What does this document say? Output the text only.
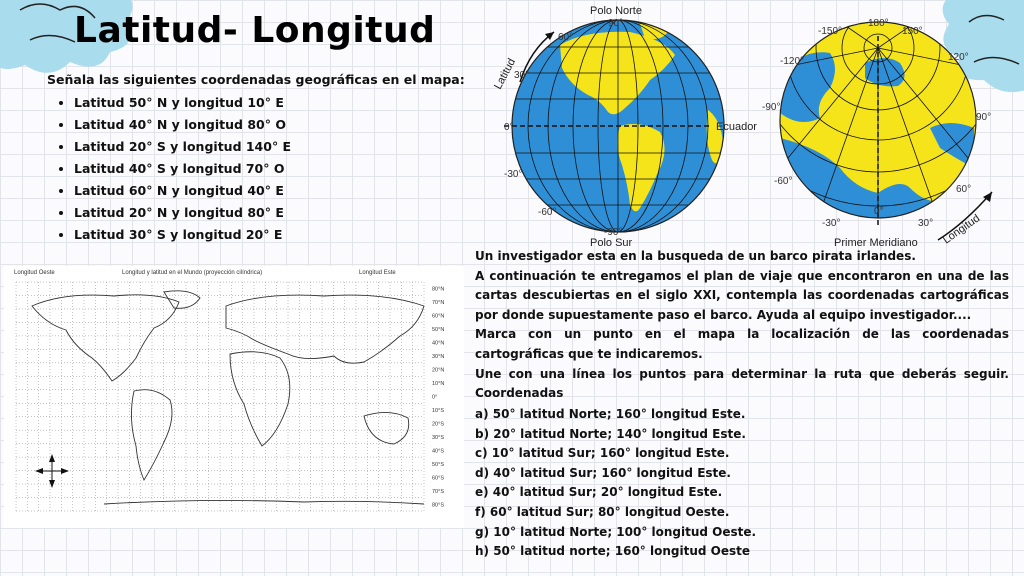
Latitud- Longitud
Señala las siguientes coordenadas geográficas en el mapa:
• Latitud 50° N y longitud 10° E
• Latitud 40° N y longitud 80° O
• Latitud 20° S y longitud 140° E
• Latitud 40° S y longitud 70° O
• Latitud 60° N y longitud 40° E
• Latitud 20° N y longitud 80° E
• Latitud 30° S y longitud 20° E
Polo Norte
90°
60°
30°
0°
-30°
-60°
-90°
Polo Sur
Ecuador
Latitud
180°
-150°	150°
-120°	120°
-90°
90°
-60°
60°
-30°
0°
30°
Primer Meridiano Longitud
Longitud Oeste	Longitud y latitud en el Mundo (proyección cilíndrica)	Longitud Este
80°N
70°N
60°N
50°N
40°N
30°N
20°N
10°N
0°
10°S
20°S
30°S
40°S
50°S
60°S
70°S
80°S

Un investigador esta en la busqueda de un barco pirata irlandes.

A continuación te entregamos el plan de viaje que encontraron en una de las cartas descubiertas en el siglo XXI, contempla las coordenadas cartográficas por donde supuestamente paso el barco. Ayuda al equipo investigador....

Marca con un punto en el mapa la localización de las coordenadas cartográficas que te indicaremos.

Une con una línea los puntos para determinar la ruta que deberás seguir. Coordenadas

a) 50° latitud Norte; 160° longitud Este.
b) 20° latitud Norte; 140° longitud Este.
c) 10° latitud Sur; 160° longitud Este.
d) 40° latitud Sur; 160° longitud Este.
e) 40° latitud Sur; 20° longitud Este.
f) 60° latitud Sur; 80° longitud Oeste.
g) 10° latitud Norte; 100° longitud Oeste.
h) 50° latitud norte; 160° longitud Oeste
